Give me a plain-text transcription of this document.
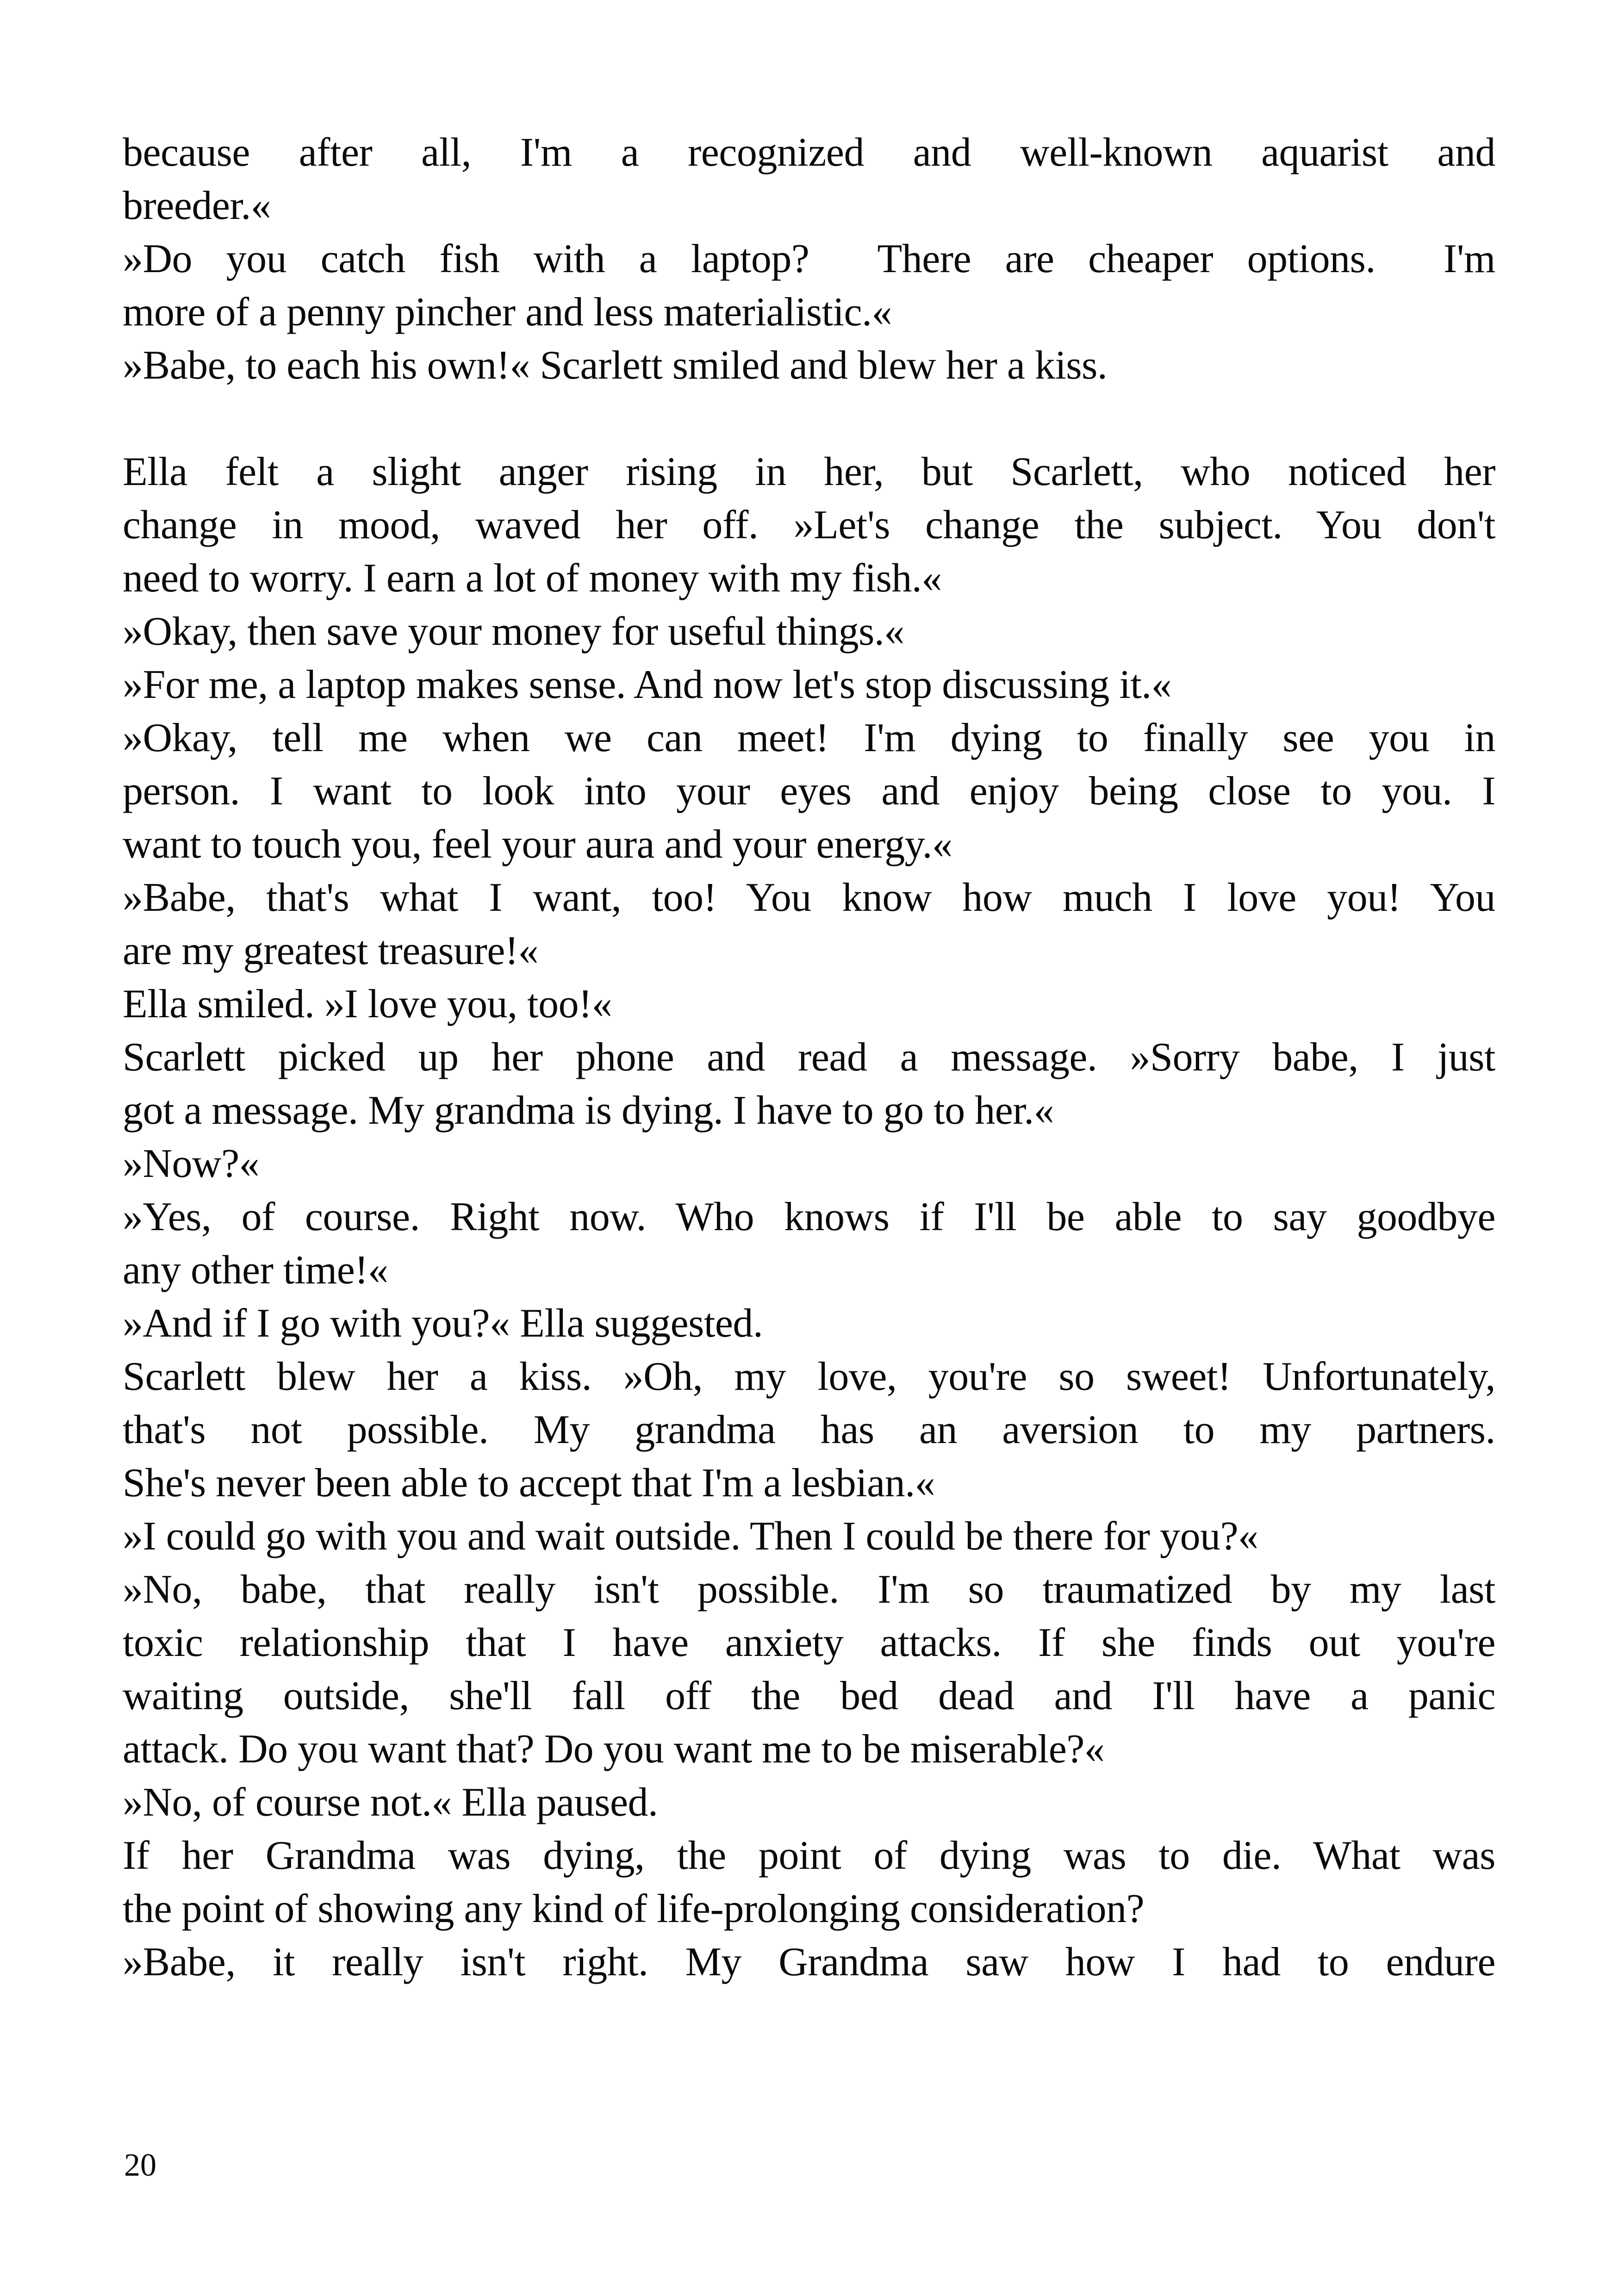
because after all, I'm a recognized and well-known aquarist and
breeder.«
»Do you catch fish with a laptop?  There are cheaper options.  I'm
more of a penny pincher and less materialistic.«
»Babe, to each his own!« Scarlett smiled and blew her a kiss.
Ella felt a slight anger rising in her, but Scarlett, who noticed her
change in mood, waved her off. »Let's change the subject. You don't
need to worry. I earn a lot of money with my fish.«
»Okay, then save your money for useful things.«
»For me, a laptop makes sense. And now let's stop discussing it.«
»Okay, tell me when we can meet! I'm dying to finally see you in
person. I want to look into your eyes and enjoy being close to you. I
want to touch you, feel your aura and your energy.«
»Babe, that's what I want, too! You know how much I love you! You
are my greatest treasure!«
Ella smiled. »I love you, too!«
Scarlett picked up her phone and read a message. »Sorry babe, I just
got a message. My grandma is dying. I have to go to her.«
»Now?«
»Yes, of course. Right now. Who knows if I'll be able to say goodbye
any other time!«
»And if I go with you?« Ella suggested.
Scarlett blew her a kiss. »Oh, my love, you're so sweet! Unfortunately,
that's not possible. My grandma has an aversion to my partners.
She's never been able to accept that I'm a lesbian.«
»I could go with you and wait outside. Then I could be there for you?«
»No, babe, that really isn't possible. I'm so traumatized by my last
toxic relationship that I have anxiety attacks. If she finds out you're
waiting outside, she'll fall off the bed dead and I'll have a panic
attack. Do you want that? Do you want me to be miserable?«
»No, of course not.« Ella paused.
If her Grandma was dying, the point of dying was to die. What was
the point of showing any kind of life-prolonging consideration?
»Babe, it really isn't right. My Grandma saw how I had to endure
20
